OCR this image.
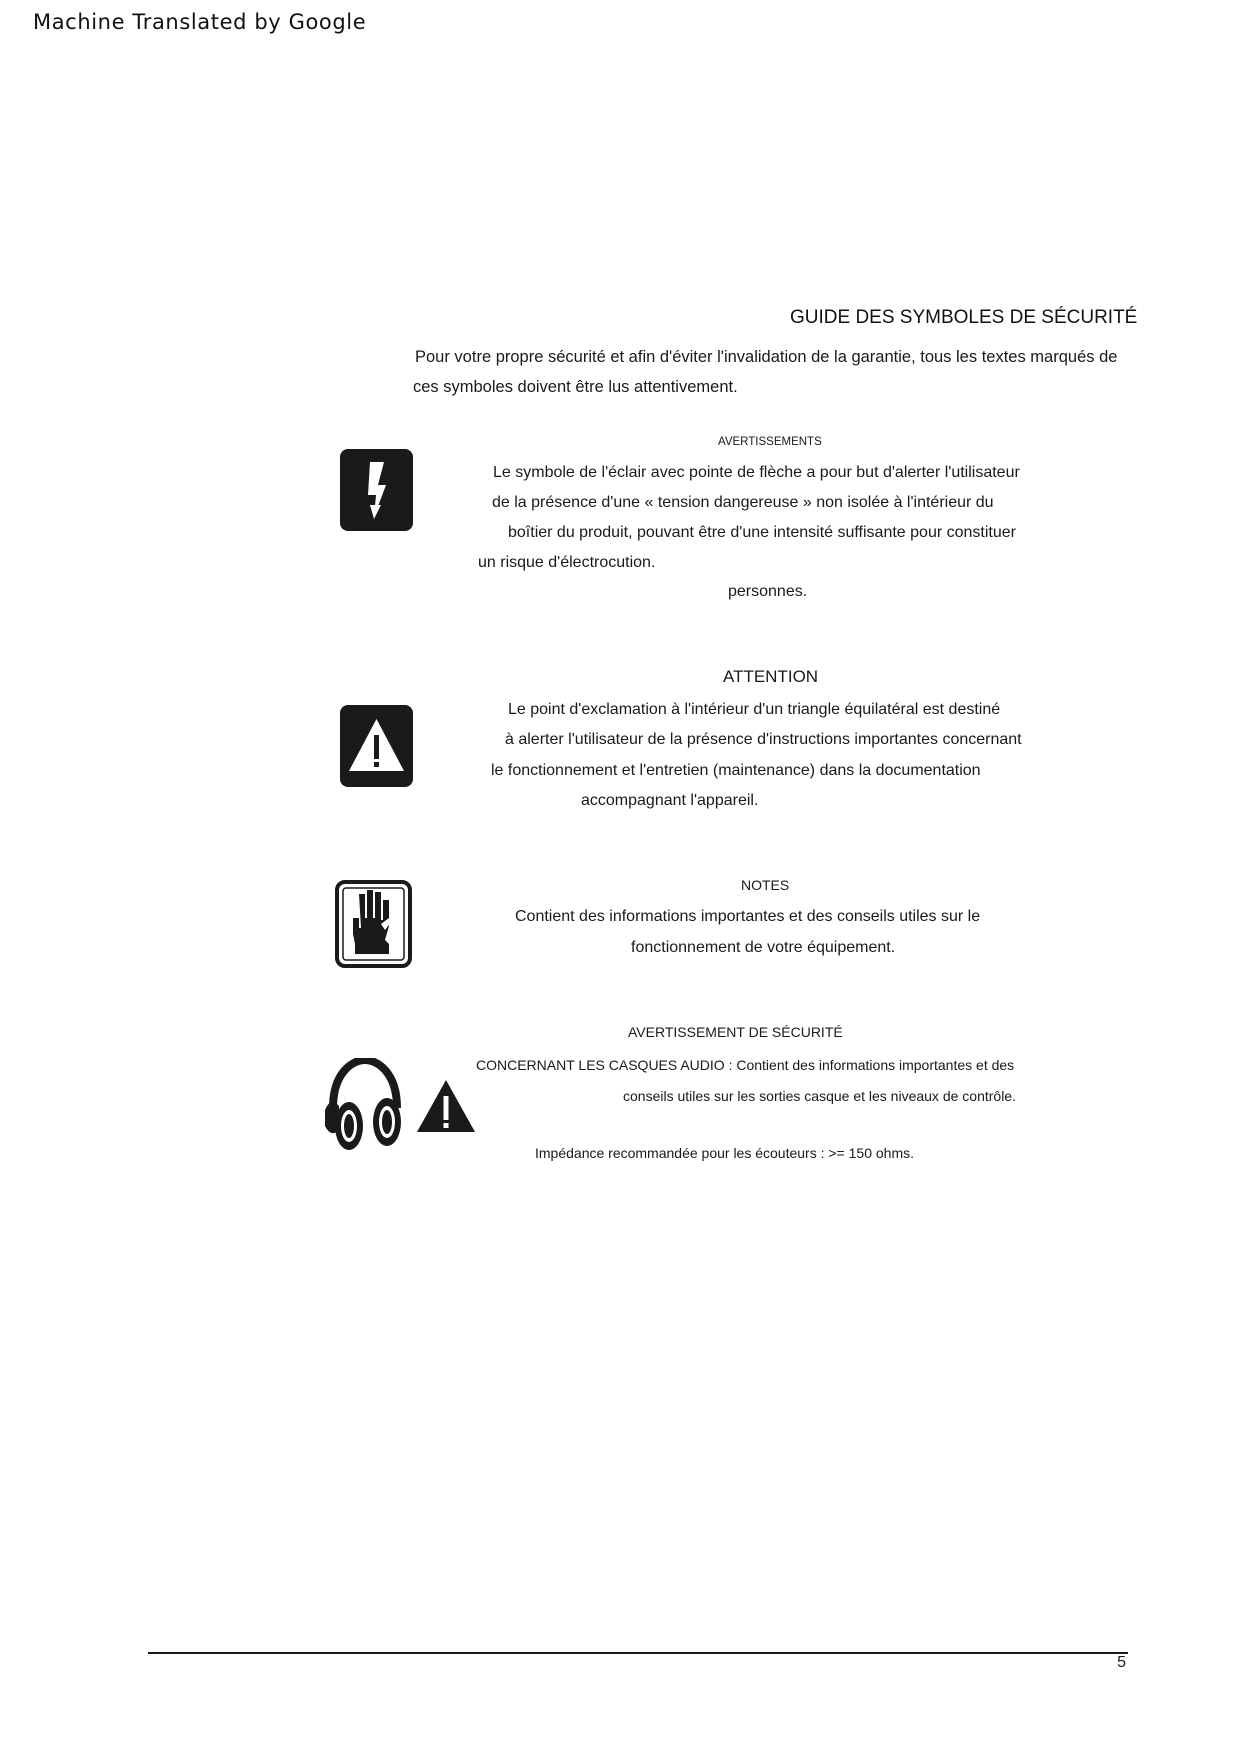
Machine Translated by Google
GUIDE DES SYMBOLES DE SÉCURITÉ
Pour votre propre sécurité et afin d'éviter l'invalidation de la garantie, tous les textes marqués de
ces symboles doivent être lus attentivement.
AVERTISSEMENTS
Le symbole de l'éclair avec pointe de flèche a pour but d'alerter l'utilisateur
de la présence d'une « tension dangereuse » non isolée à l'intérieur du
boîtier du produit, pouvant être d'une intensité suffisante pour constituer
un risque d'électrocution.
personnes.
ATTENTION
Le point d'exclamation à l'intérieur d'un triangle équilatéral est destiné
à alerter l'utilisateur de la présence d'instructions importantes concernant
le fonctionnement et l'entretien (maintenance) dans la documentation
accompagnant l'appareil.
NOTES
Contient des informations importantes et des conseils utiles sur le
fonctionnement de votre équipement.
AVERTISSEMENT DE SÉCURITÉ
CONCERNANT LES CASQUES AUDIO : Contient des informations importantes et des
conseils utiles sur les sorties casque et les niveaux de contrôle.
Impédance recommandée pour les écouteurs : >= 150 ohms.
5
